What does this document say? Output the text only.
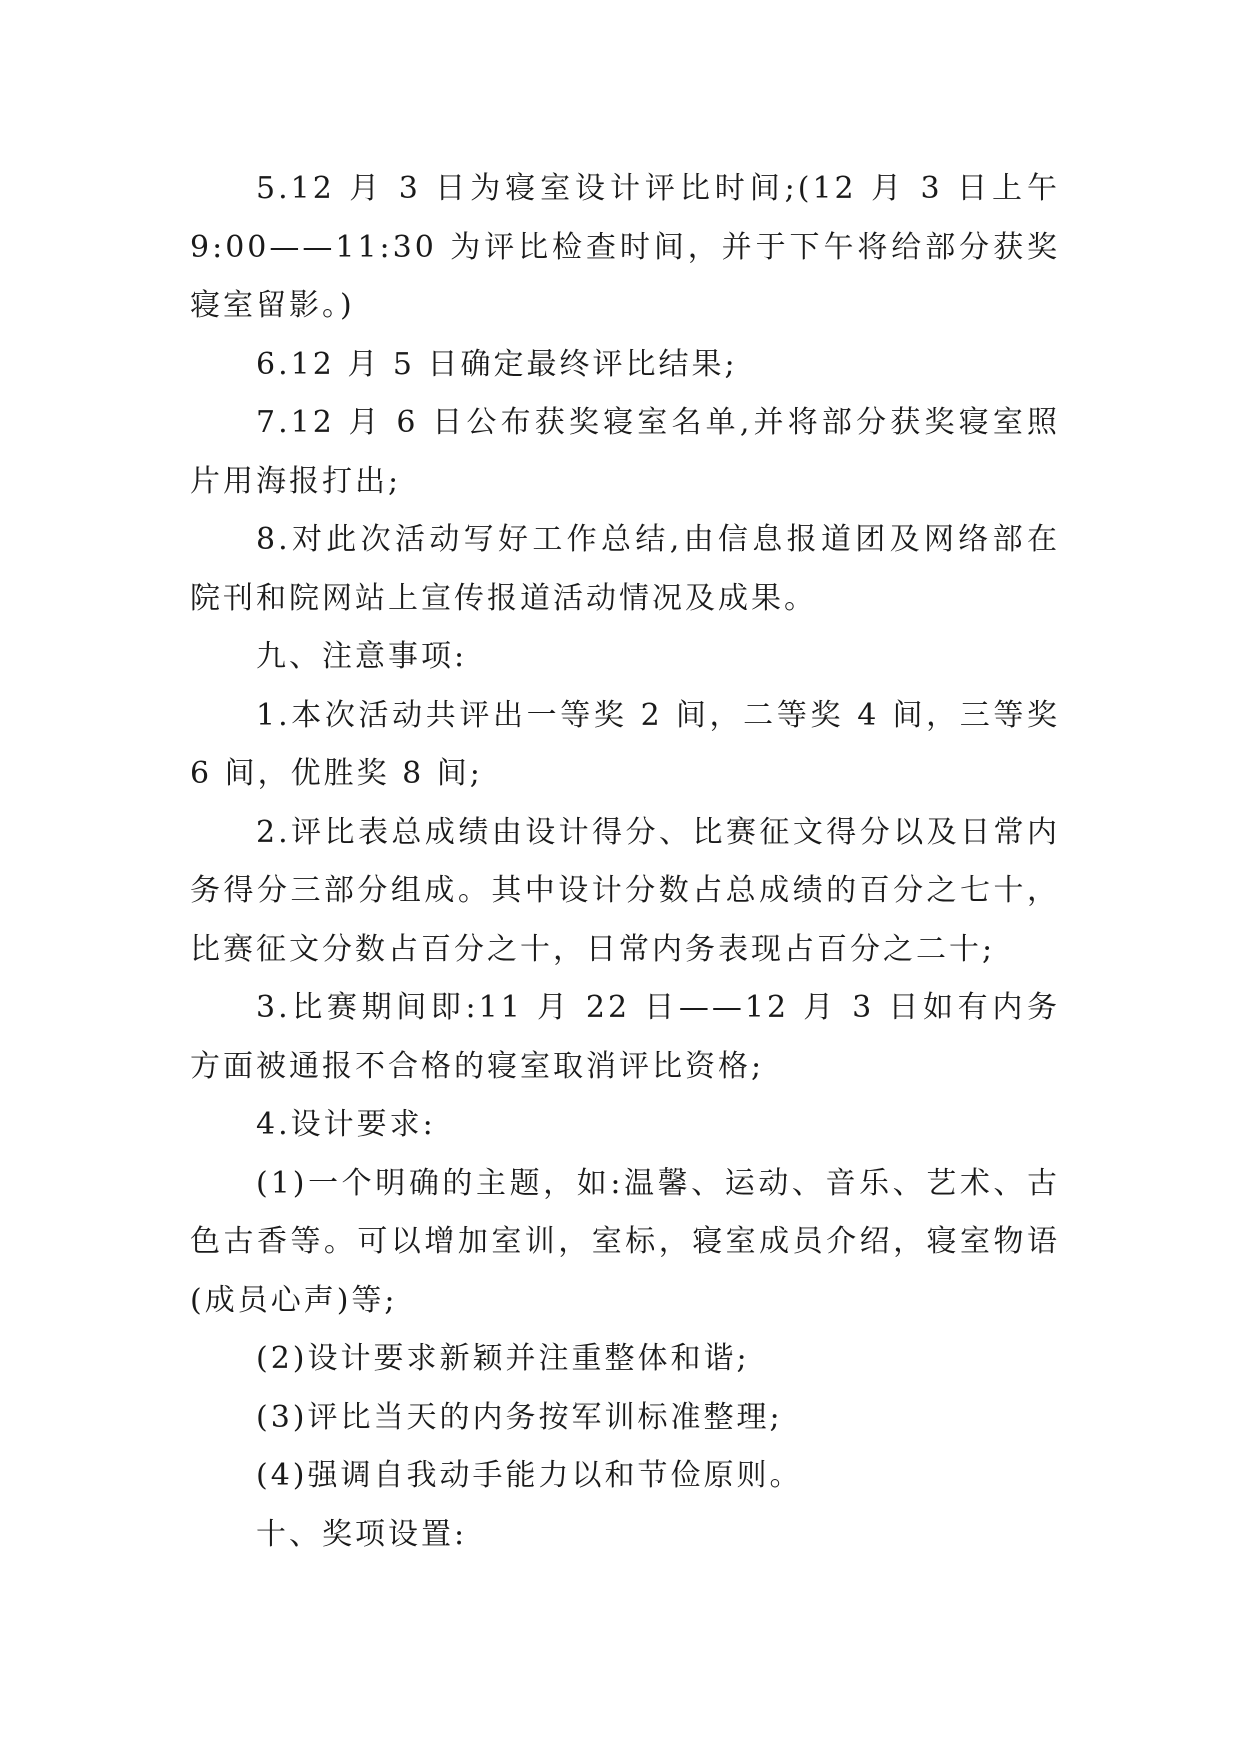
5.12 月 3 日为寝室设计评比时间;(12 月 3 日上午 9:00——11:30 为评比检查时间，并于下午将给部分获奖寝室留影。)

6.12 月 5 日确定最终评比结果;

7.12 月 6 日公布获奖寝室名单,并将部分获奖寝室照片用海报打出;

8.对此次活动写好工作总结,由信息报道团及网络部在院刊和院网站上宣传报道活动情况及成果。

九、注意事项:

1.本次活动共评出一等奖 2 间，二等奖 4 间，三等奖 6 间，优胜奖 8 间;

2.评比表总成绩由设计得分、比赛征文得分以及日常内务得分三部分组成。其中设计分数占总成绩的百分之七十，比赛征文分数占百分之十，日常内务表现占百分之二十;

3.比赛期间即:11 月 22 日——12 月 3 日如有内务方面被通报不合格的寝室取消评比资格;

4.设计要求:

(1)一个明确的主题，如:温馨、运动、音乐、艺术、古色古香等。可以增加室训，室标，寝室成员介绍，寝室物语(成员心声)等;

(2)设计要求新颖并注重整体和谐;

(3)评比当天的内务按军训标准整理;

(4)强调自我动手能力以和节俭原则。

十、奖项设置:
